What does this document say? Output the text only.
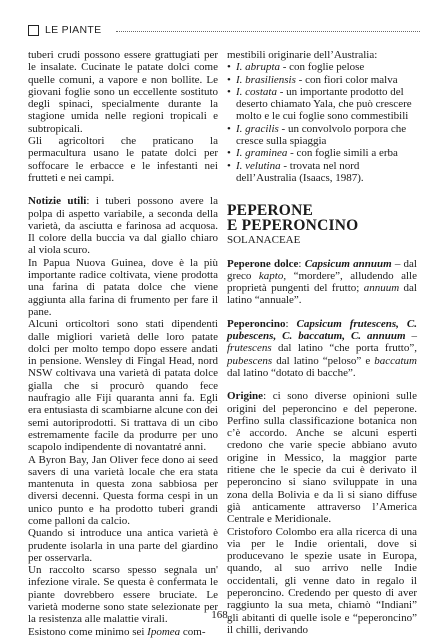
LE PIANTE

tuberi crudi possono essere grattugiati per le insalate. Cucinate le patate dolci come quelle comuni, a vapore e non bollite. Le giovani foglie sono un eccellente sostituto degli spinaci, specialmente durante la stagione umida nelle regioni tropicali e subtropicali.

Gli agricoltori che praticano la permacultura usano le patate dolci per soffocare le erbacce e le infestanti nei frutteti e nei campi.

Notizie utili: i tuberi possono avere la polpa di aspetto variabile, a seconda della varietà, da asciutta e farinosa ad acquosa. Il colore della buccia va dal giallo chiaro al viola scuro.

In Papua Nuova Guinea, dove è la più importante radice coltivata, viene prodotta una farina di patata dolce che viene aggiunta alla farina di frumento per fare il pane.

Alcuni orticoltori sono stati dipendenti dalle migliori varietà delle loro patate dolci per molto tempo dopo essere andati in pensione. Wensley di Fingal Head, nord NSW coltivava una varietà di patata dolce gialla che si procurò quando fece naufragio alle Fiji quaranta anni fa. Egli era entusiasta di scambiarne alcune con dei semi autoriprodotti. Si trattava di un cibo estremamente facile da produrre per uno scapolo indipendente di novantatré anni.

A Byron Bay, Jan Oliver fece dono ai seed savers di una varietà locale che era stata mantenuta in questa zona sabbiosa per diversi decenni. Questa forma cespi in un unico punto e ha prodotto tuberi grandi come palloni da calcio.

Quando si introduce una antica varietà è prudente isolarla in una parte del giardino per osservarla.

Un raccolto scarso spesso segnala un' infezione virale. Se questa è confermata le piante dovrebbero essere bruciate. Le varietà moderne sono state selezionate per la resistenza alle malattie virali.

Esistono come minimo sei Ipomea com-

mestibili originarie dell’Australia:

• I. abrupta - con foglie pelose
• I. brasiliensis - con fiori color malva
• I. costata - un importante prodotto del deserto chiamato Yala, che può crescere molto e le cui foglie sono commestibili
• I. gracilis - un convolvolo porpora che cresce sulla spiaggia
• I. graminea - con foglie simili a erba
• I. velutina - trovata nel nord dell’Australia (Isaacs, 1987).
PEPERONE
E PEPERONCINO
SOLANACEAE

Peperone dolce: Capsicum annuum – dal greco kapto, “mordere”, alludendo alle proprietà pungenti del frutto; annuum dal latino “annuale”.

Peperoncino: Capsicum frutescens, C. pubescens, C. baccatum, C. annuum – frutescens dal latino “che porta frutto”, pubescens dal latino “peloso” e baccatum dal latino “dotato di bacche”.

Origine: ci sono diverse opinioni sulle origini del peperoncino e del peperone. Perfino sulla classificazione botanica non c’è accordo. Anche se alcuni esperti credono che varie specie abbiano avuto origine in Messico, la maggior parte ritiene che le specie da cui è derivato il peperoncino si siano sviluppate in una zona della Bolivia e da lì si siano diffuse già anticamente attraverso l’America Centrale e Meridionale.

Cristoforo Colombo era alla ricerca di una via per le Indie orientali, dove si producevano le spezie usate in Europa, quando, al suo arrivo nelle Indie occidentali, gli venne dato in regalo il peperoncino. Credendo per questo di aver raggiunto la sua meta, chiamò “Indiani” gli abitanti di quelle isole e “peperoncino” il chilli, derivando

168
